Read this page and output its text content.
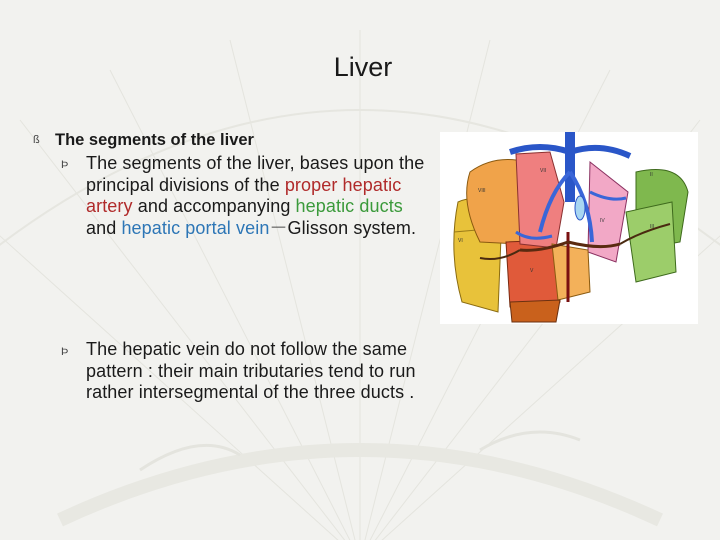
Liver
ß The segments of the liver
Þ The segments of the liver, bases upon the principal divisions of the proper hepatic artery and accompanying hepatic ducts and hepatic portal vein－Glisson system.
Þ The hepatic vein do not follow the same pattern : their main tributaries tend to run rather intersegmental of the three ducts .
VIII
II
III
VI
V
IV
VII
